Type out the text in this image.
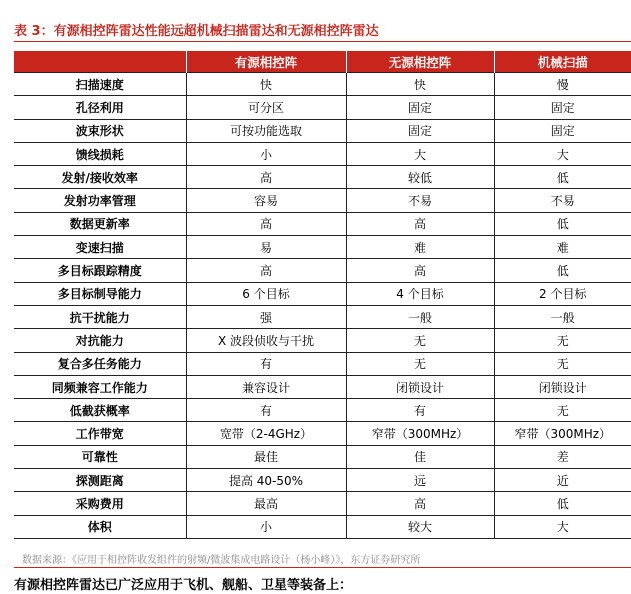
表 3：有源相控阵雷达性能远超机械扫描雷达和无源相控阵雷达
	有源相控阵	无源相控阵	机械扫描
扫描速度	快	快	慢
孔径利用	可分区	固定	固定
波束形状	可按功能选取	固定	固定
馈线损耗	小	大	大
发射/接收效率	高	较低	低
发射功率管理	容易	不易	不易
数据更新率	高	高	低
变速扫描	易	难	难
多目标跟踪精度	高	高	低
多目标制导能力	6 个目标	4 个目标	2 个目标
抗干扰能力	强	一般	一般
对抗能力	X 波段侦收与干扰	无	无
复合多任务能力	有	无	无
同频兼容工作能力	兼容设计	闭锁设计	闭锁设计
低截获概率	有	有	无
工作带宽	宽带（2-4GHz）	窄带（300MHz）	窄带（300MHz）
可靠性	最佳	佳	差
探测距离	提高 40-50%	远	近
采购费用	最高	高	低
体积	小	较大	大
数据来源：《应用于相控阵收发组件的射频/微波集成电路设计（杨小峰）》，东方证券研究所
有源相控阵雷达已广泛应用于飞机、舰船、卫星等装备上：
